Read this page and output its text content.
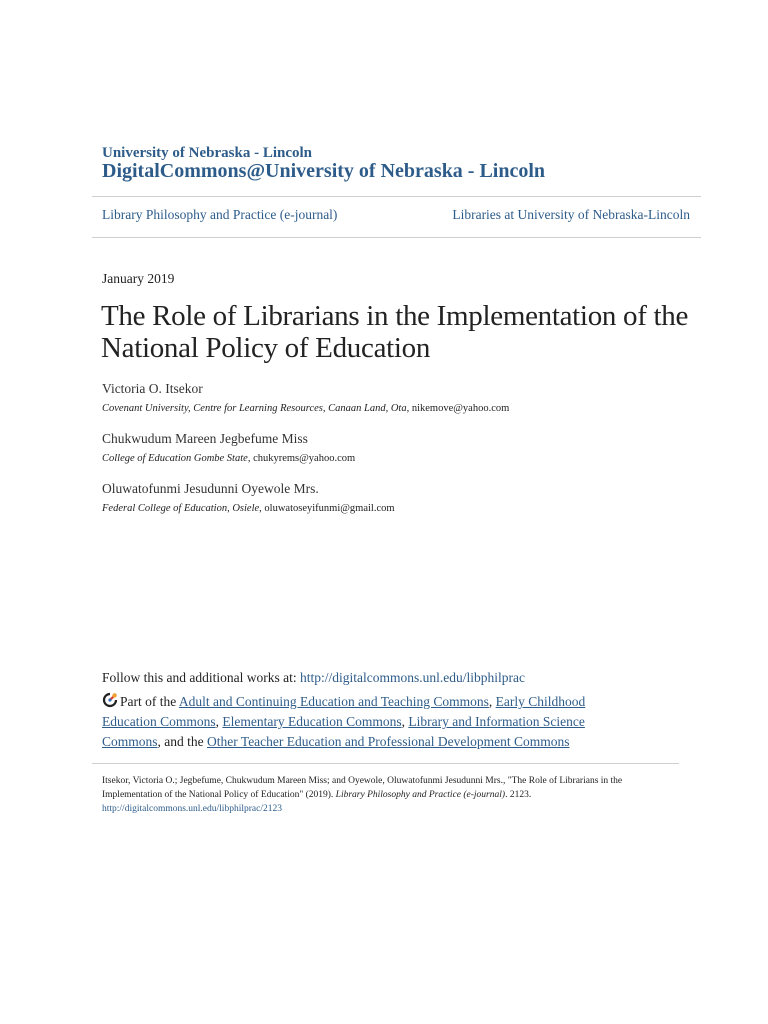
University of Nebraska - Lincoln
DigitalCommons@University of Nebraska - Lincoln
Library Philosophy and Practice (e-journal)	Libraries at University of Nebraska-Lincoln
January 2019
The Role of Librarians in the Implementation of the
National Policy of Education
Victoria O. Itsekor
Covenant University, Centre for Learning Resources, Canaan Land, Ota, nikemove@yahoo.com
Chukwudum Mareen Jegbefume Miss
College of Education Gombe State, chukyrems@yahoo.com
Oluwatofunmi Jesudunni Oyewole Mrs.
Federal College of Education, Osiele, oluwatoseyifunmi@gmail.com
Follow this and additional works at: http://digitalcommons.unl.edu/libphilprac
Part of the Adult and Continuing Education and Teaching Commons, Early Childhood Education Commons, Elementary Education Commons, Library and Information Science Commons, and the Other Teacher Education and Professional Development Commons
Itsekor, Victoria O.; Jegbefume, Chukwudum Mareen Miss; and Oyewole, Oluwatofunmi Jesudunni Mrs., "The Role of Librarians in the Implementation of the National Policy of Education" (2019). Library Philosophy and Practice (e-journal). 2123.
http://digitalcommons.unl.edu/libphilprac/2123
